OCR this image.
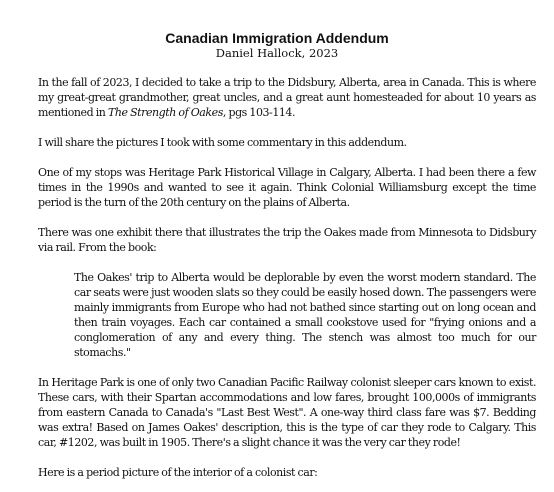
Canadian Immigration Addendum
Daniel Hallock, 2023

In the fall of 2023, I decided to take a trip to the Didsbury, Alberta, area in Canada. This is where my great-great grandmother, great uncles, and a great aunt homesteaded for about 10 years as mentioned in The Strength of Oakes, pgs 103-114.

I will share the pictures I took with some commentary in this addendum.

One of my stops was Heritage Park Historical Village in Calgary, Alberta. I had been there a few times in the 1990s and wanted to see it again. Think Colonial Williamsburg except the time period is the turn of the 20th century on the plains of Alberta.

There was one exhibit there that illustrates the trip the Oakes made from Minnesota to Didsbury via rail. From the book:

The Oakes' trip to Alberta would be deplorable by even the worst modern standard. The car seats were just wooden slats so they could be easily hosed down. The passengers were mainly immigrants from Europe who had not bathed since starting out on long ocean and then train voyages. Each car contained a small cookstove used for "frying onions and a conglomeration of any and every thing. The stench was almost too much for our stomachs."

In Heritage Park is one of only two Canadian Pacific Railway colonist sleeper cars known to exist. These cars, with their Spartan accommodations and low fares, brought 100,000s of immigrants from eastern Canada to Canada's "Last Best West". A one-way third class fare was $7. Bedding was extra! Based on James Oakes' description, this is the type of car they rode to Calgary. This car, #1202, was built in 1905. There's a slight chance it was the very car they rode!

Here is a period picture of the interior of a colonist car:
